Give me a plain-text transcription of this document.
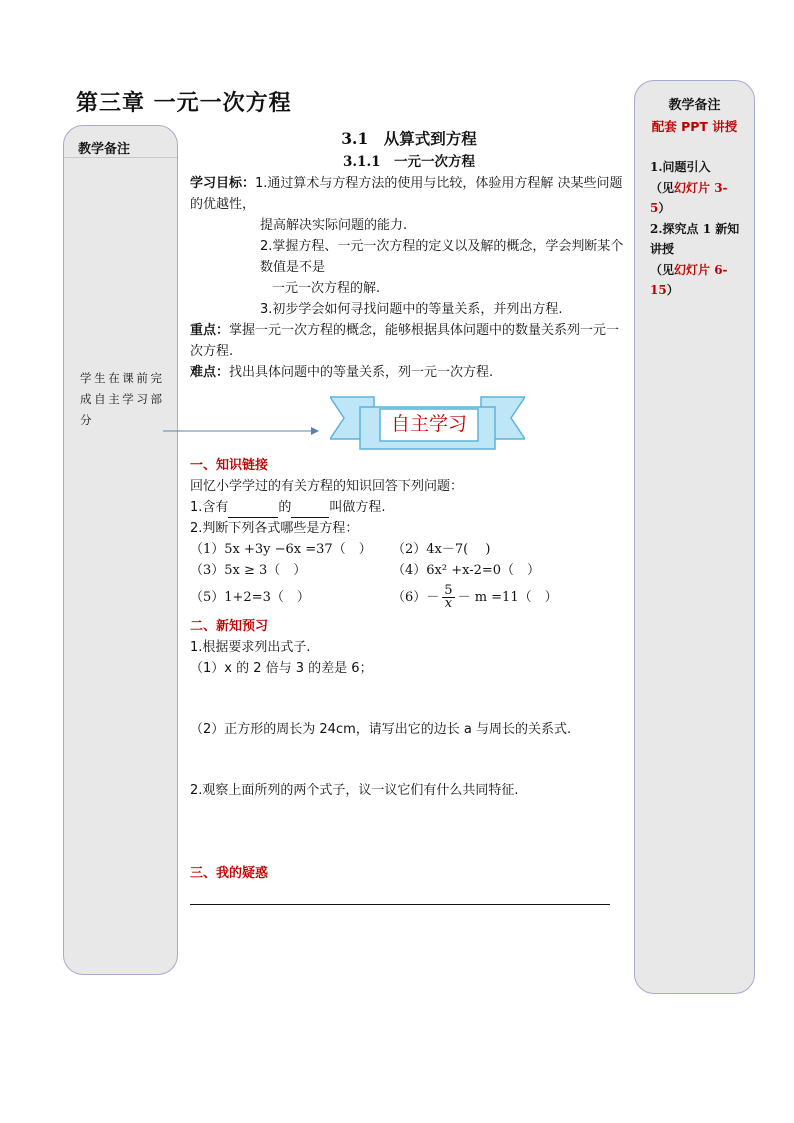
第三章 一元一次方程
教学备注
学生在课前完成自主学习部分
教学备注
配套 PPT 讲授
1.问题引入
（见幻灯片 3-5）
2.探究点 1 新知讲授
（见幻灯片 6-15）
自主学习
3.1　从算式到方程
3.1.1　一元一次方程

学习目标：1.通过算术与方程方法的使用与比较，体验用方程解 决某些问题的优越性，

提高解决实际问题的能力.

2.掌握方程、一元一次方程的定义以及解的概念，学会判断某个数值是不是

一元一次方程的解.

3.初步学会如何寻找问题中的等量关系，并列出方程.

重点：掌握一元一次方程的概念，能够根据具体问题中的数量关系列一元一次方程.

难点：找出具体问题中的等量关系，列一元一次方程.

一、知识链接

回忆小学学过的有关方程的知识回答下列问题：

1.含有	的	叫做方程.

2.判断下列各式哪些是方程：

（1）5x +3y −6x =37（　）	（2）4x－7(　 )
（3）5x ≥ 3（　）	（4）6x² +x-2=0（　）
（5）1+2=3（　）	$(6)- \frac{5}{x} - m =11$（　）
二、新知预习

1.根据要求列出式子.

（1）x 的 2 倍与 3 的差是 6；

（2）正方形的周长为 24cm，请写出它的边长 a 与周长的关系式.

2.观察上面所列的两个式子，议一议它们有什么共同特征.

三、我的疑惑
